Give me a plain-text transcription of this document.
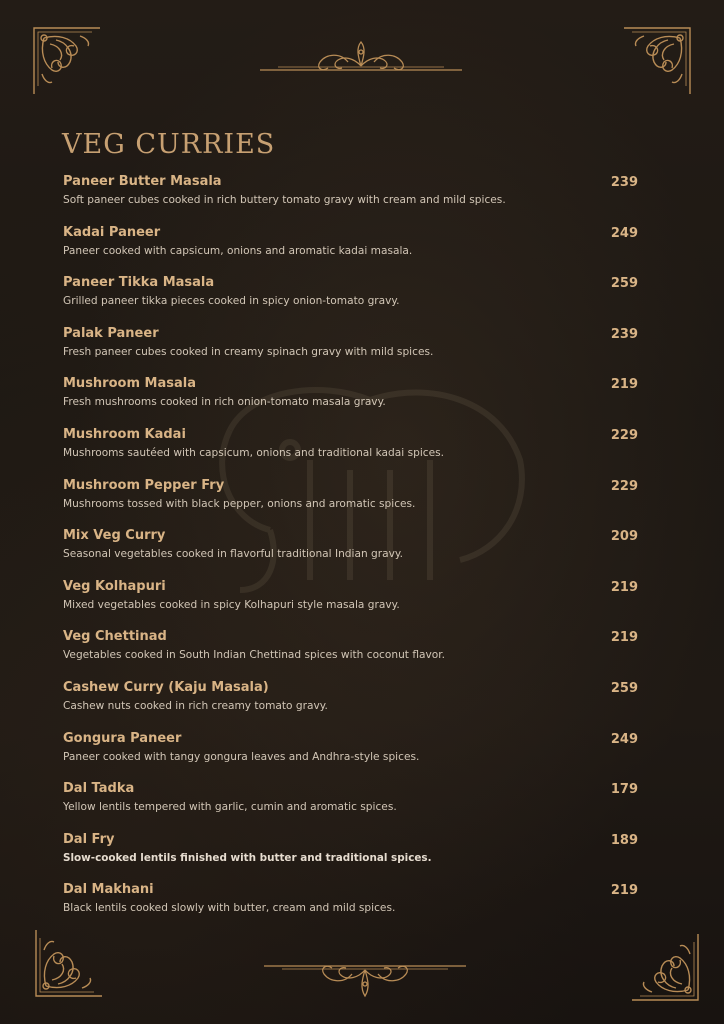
VEG CURRIES
Paneer Butter Masala	239
Soft paneer cubes cooked in rich buttery tomato gravy with cream and mild spices.
Kadai Paneer	249
Paneer cooked with capsicum, onions and aromatic kadai masala.
Paneer Tikka Masala	259
Grilled paneer tikka pieces cooked in spicy onion-tomato gravy.
Palak Paneer	239
Fresh paneer cubes cooked in creamy spinach gravy with mild spices.
Mushroom Masala	219
Fresh mushrooms cooked in rich onion-tomato masala gravy.
Mushroom Kadai	229
Mushrooms sautéed with capsicum, onions and traditional kadai spices.
Mushroom Pepper Fry	229
Mushrooms tossed with black pepper, onions and aromatic spices.
Mix Veg Curry	209
Seasonal vegetables cooked in flavorful traditional Indian gravy.
Veg Kolhapuri	219
Mixed vegetables cooked in spicy Kolhapuri style masala gravy.
Veg Chettinad	219
Vegetables cooked in South Indian Chettinad spices with coconut flavor.
Cashew Curry (Kaju Masala)	259
Cashew nuts cooked in rich creamy tomato gravy.
Gongura Paneer	249
Paneer cooked with tangy gongura leaves and Andhra-style spices.
Dal Tadka	179
Yellow lentils tempered with garlic, cumin and aromatic spices.
Dal Fry	189
Slow-cooked lentils finished with butter and traditional spices.
Dal Makhani	219
Black lentils cooked slowly with butter, cream and mild spices.
